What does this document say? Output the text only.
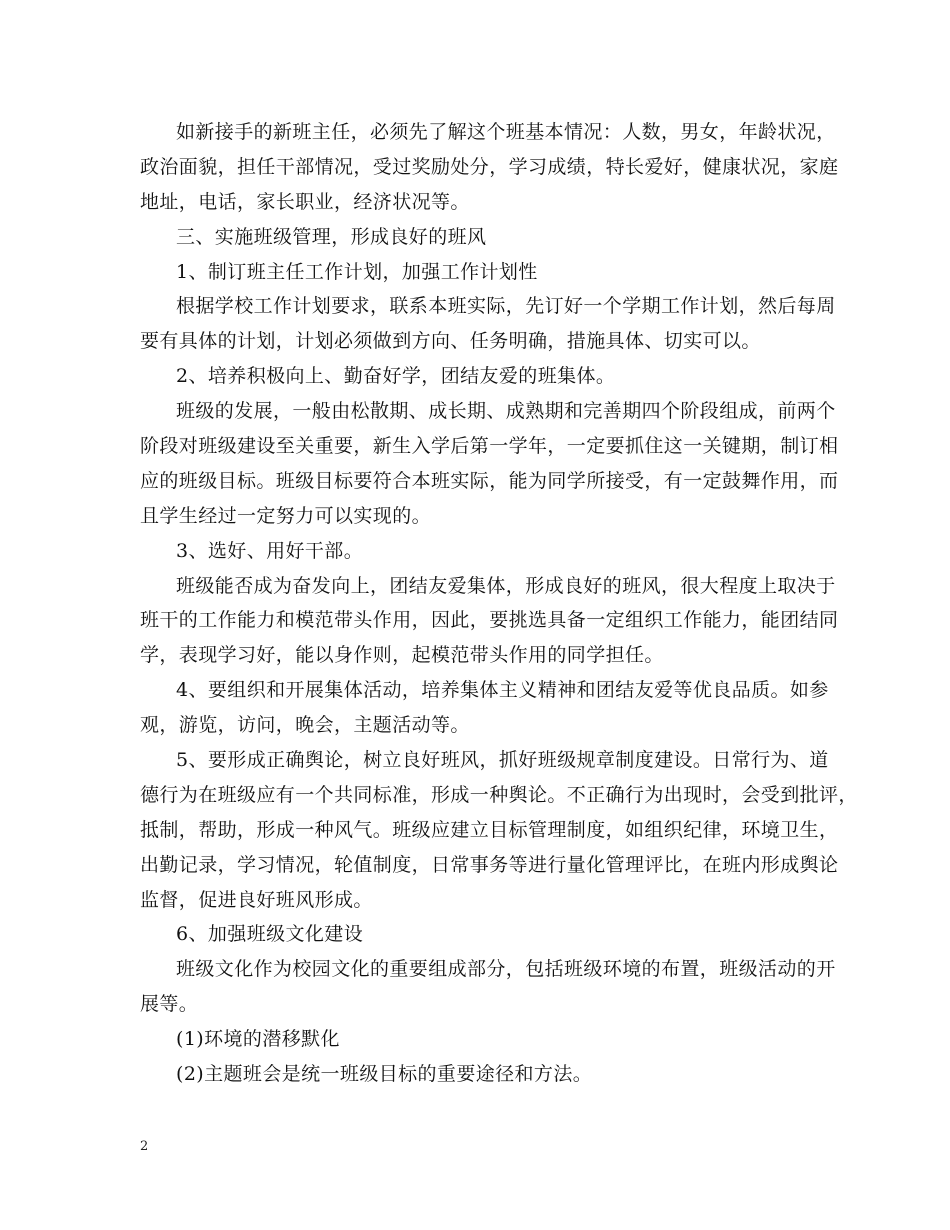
如新接手的新班主任，必须先了解这个班基本情况：人数，男女，年龄状况，
政治面貌，担任干部情况，受过奖励处分，学习成绩，特长爱好，健康状况，家庭
地址，电话，家长职业，经济状况等。
三、实施班级管理，形成良好的班风
1、制订班主任工作计划，加强工作计划性
根据学校工作计划要求，联系本班实际，先订好一个学期工作计划，然后每周
要有具体的计划，计划必须做到方向、任务明确，措施具体、切实可以。
2、培养积极向上、勤奋好学，团结友爱的班集体。
班级的发展，一般由松散期、成长期、成熟期和完善期四个阶段组成，前两个
阶段对班级建设至关重要，新生入学后第一学年，一定要抓住这一关键期，制订相
应的班级目标。班级目标要符合本班实际，能为同学所接受，有一定鼓舞作用，而
且学生经过一定努力可以实现的。
3、选好、用好干部。
班级能否成为奋发向上，团结友爱集体，形成良好的班风，很大程度上取决于
班干的工作能力和模范带头作用，因此，要挑选具备一定组织工作能力，能团结同
学，表现学习好，能以身作则，起模范带头作用的同学担任。
4、要组织和开展集体活动，培养集体主义精神和团结友爱等优良品质。如参
观，游览，访问，晚会，主题活动等。
5、要形成正确舆论，树立良好班风，抓好班级规章制度建设。日常行为、道
德行为在班级应有一个共同标准，形成一种舆论。不正确行为出现时，会受到批评，
抵制，帮助，形成一种风气。班级应建立目标管理制度，如组织纪律，环境卫生，
出勤记录，学习情况，轮值制度，日常事务等进行量化管理评比，在班内形成舆论
监督，促进良好班风形成。
6、加强班级文化建设
班级文化作为校园文化的重要组成部分，包括班级环境的布置，班级活动的开
展等。
(1)环境的潜移默化
(2)主题班会是统一班级目标的重要途径和方法。
2
